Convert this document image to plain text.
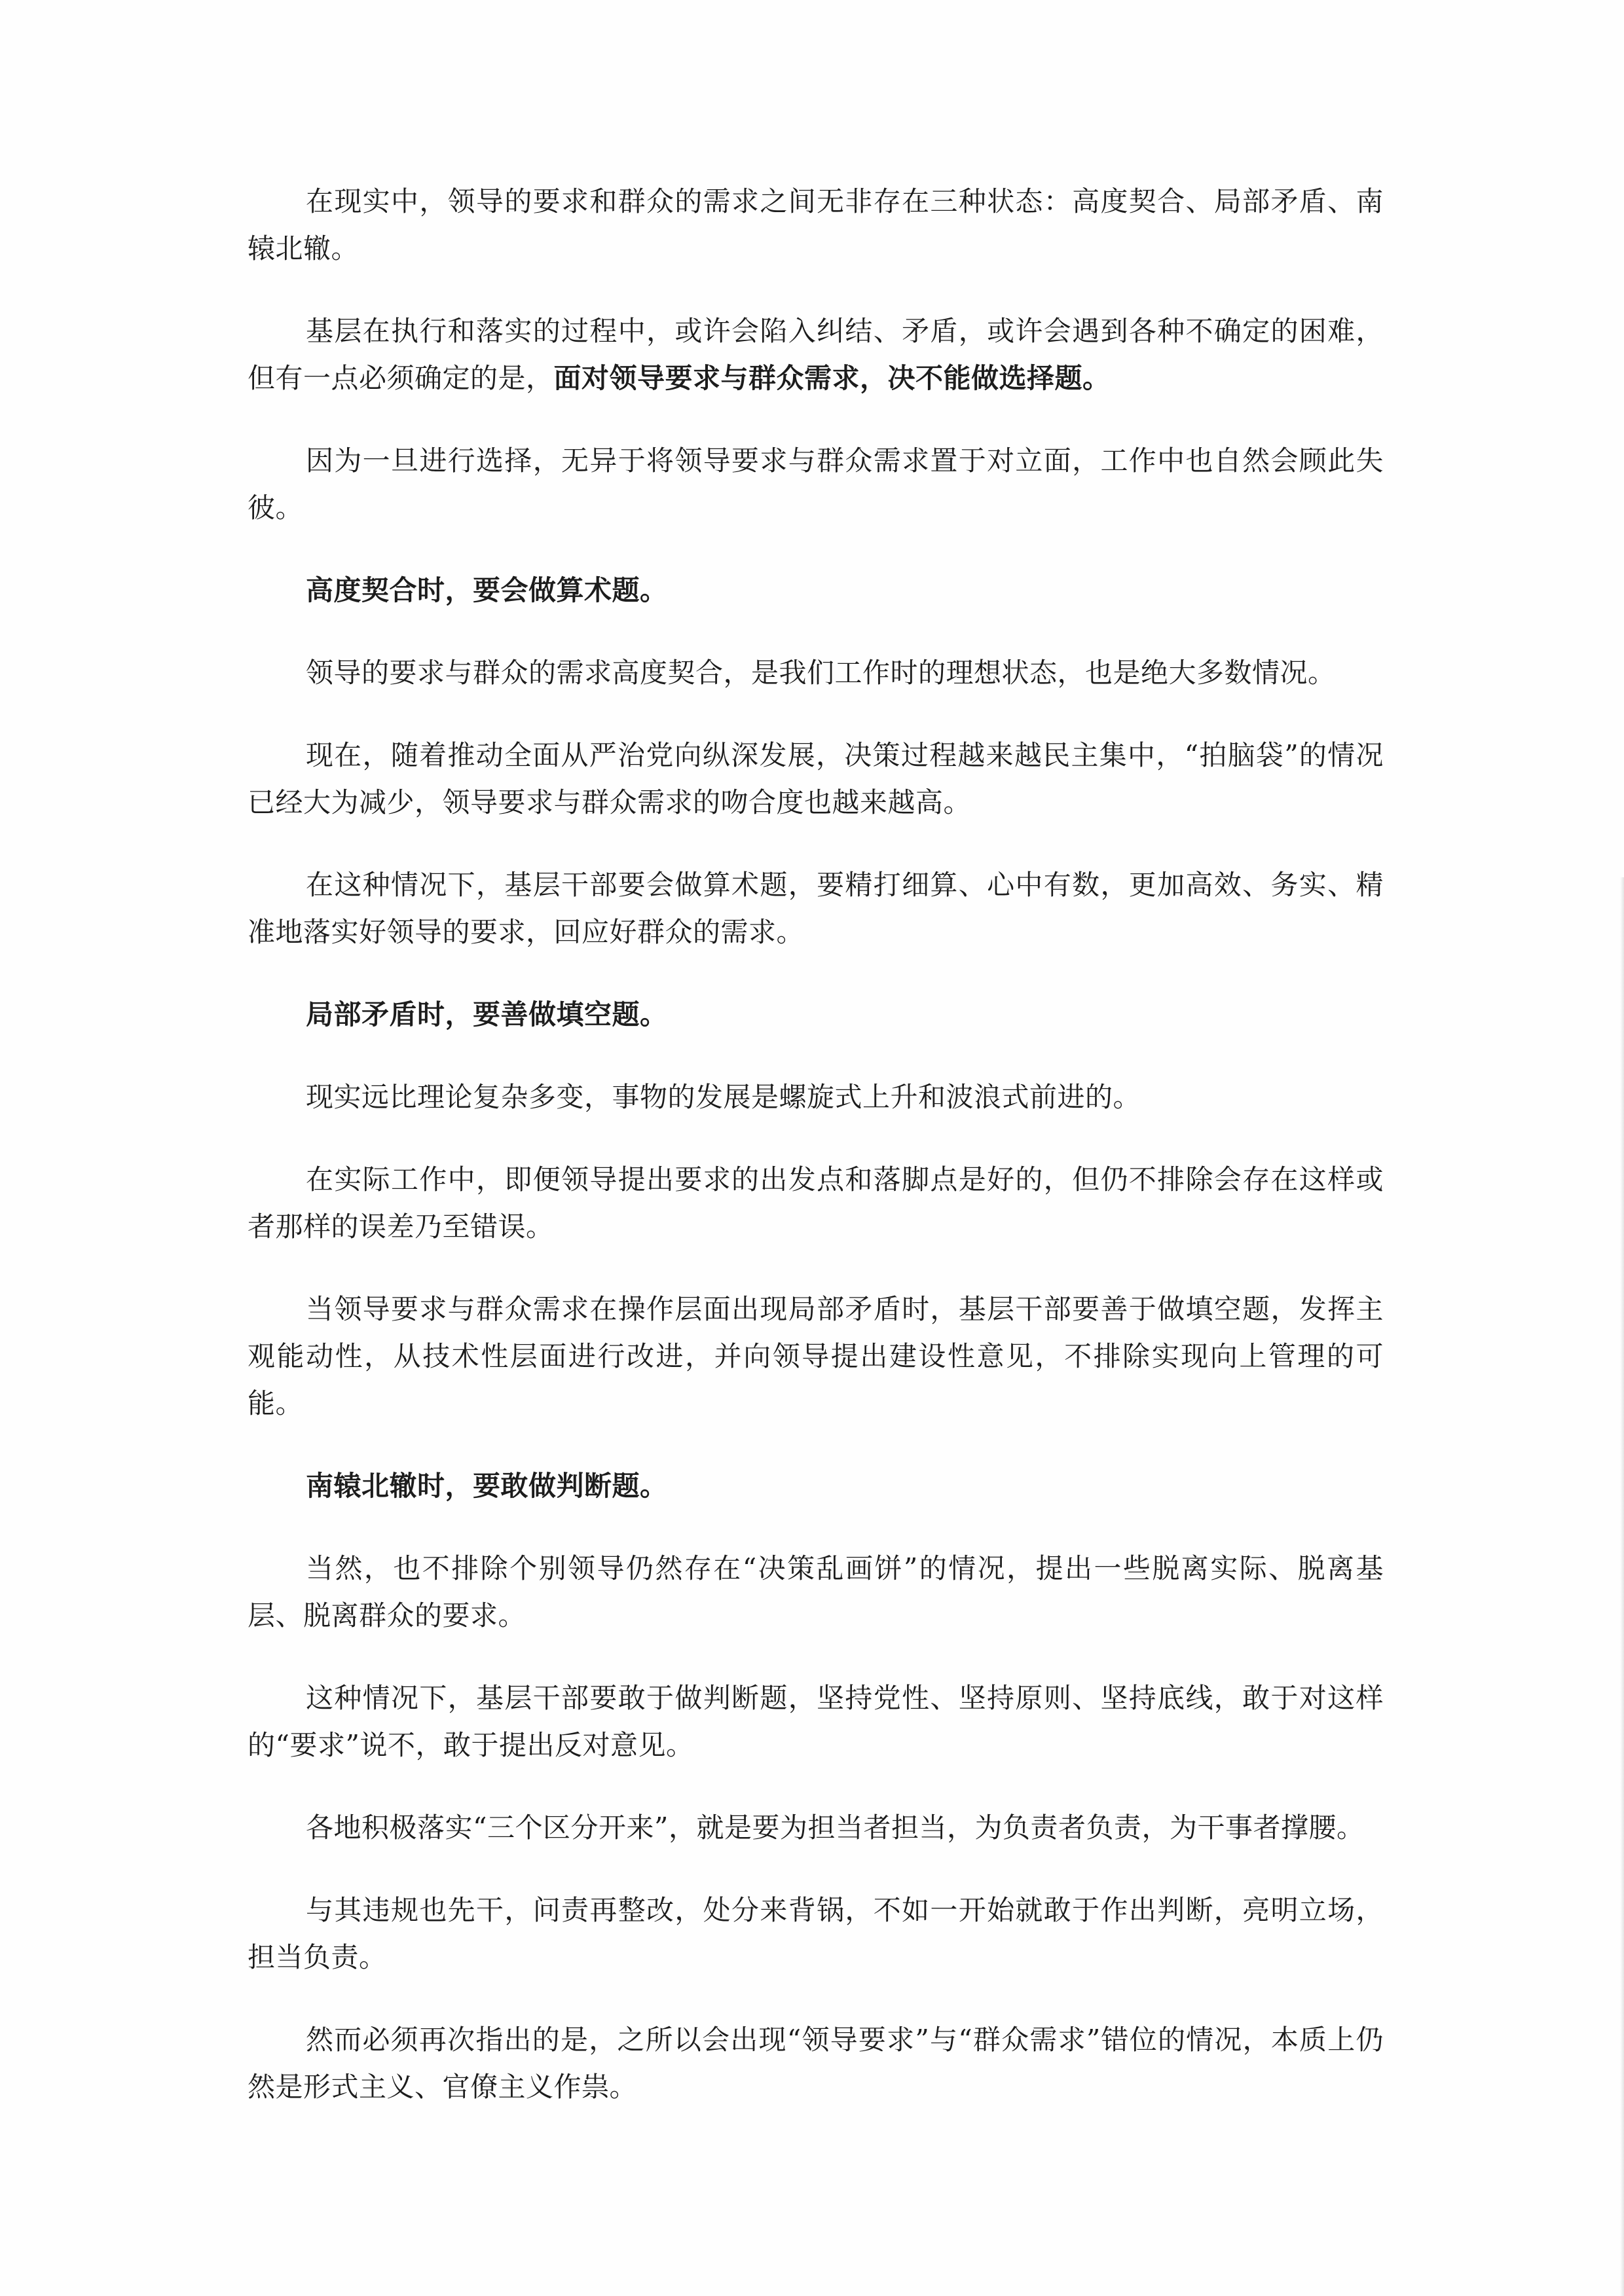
在现实中，领导的要求和群众的需求之间无非存在三种状态：高度契合、局部矛盾、南辕北辙。

基层在执行和落实的过程中，或许会陷入纠结、矛盾，或许会遇到各种不确定的困难，但有一点必须确定的是，面对领导要求与群众需求，决不能做选择题。

因为一旦进行选择，无异于将领导要求与群众需求置于对立面，工作中也自然会顾此失彼。

高度契合时，要会做算术题。

领导的要求与群众的需求高度契合，是我们工作时的理想状态，也是绝大多数情况。

现在，随着推动全面从严治党向纵深发展，决策过程越来越民主集中，“拍脑袋”的情况已经大为减少，领导要求与群众需求的吻合度也越来越高。

在这种情况下，基层干部要会做算术题，要精打细算、心中有数，更加高效、务实、精准地落实好领导的要求，回应好群众的需求。

局部矛盾时，要善做填空题。

现实远比理论复杂多变，事物的发展是螺旋式上升和波浪式前进的。

在实际工作中，即便领导提出要求的出发点和落脚点是好的，但仍不排除会存在这样或者那样的误差乃至错误。

当领导要求与群众需求在操作层面出现局部矛盾时，基层干部要善于做填空题，发挥主观能动性，从技术性层面进行改进，并向领导提出建设性意见，不排除实现向上管理的可能。

南辕北辙时，要敢做判断题。

当然，也不排除个别领导仍然存在“决策乱画饼”的情况，提出一些脱离实际、脱离基层、脱离群众的要求。

这种情况下，基层干部要敢于做判断题，坚持党性、坚持原则、坚持底线，敢于对这样的“要求”说不，敢于提出反对意见。

各地积极落实“三个区分开来”，就是要为担当者担当，为负责者负责，为干事者撑腰。

与其违规也先干，问责再整改，处分来背锅，不如一开始就敢于作出判断，亮明立场，担当负责。

然而必须再次指出的是，之所以会出现“领导要求”与“群众需求”错位的情况，本质上仍然是形式主义、官僚主义作祟。
